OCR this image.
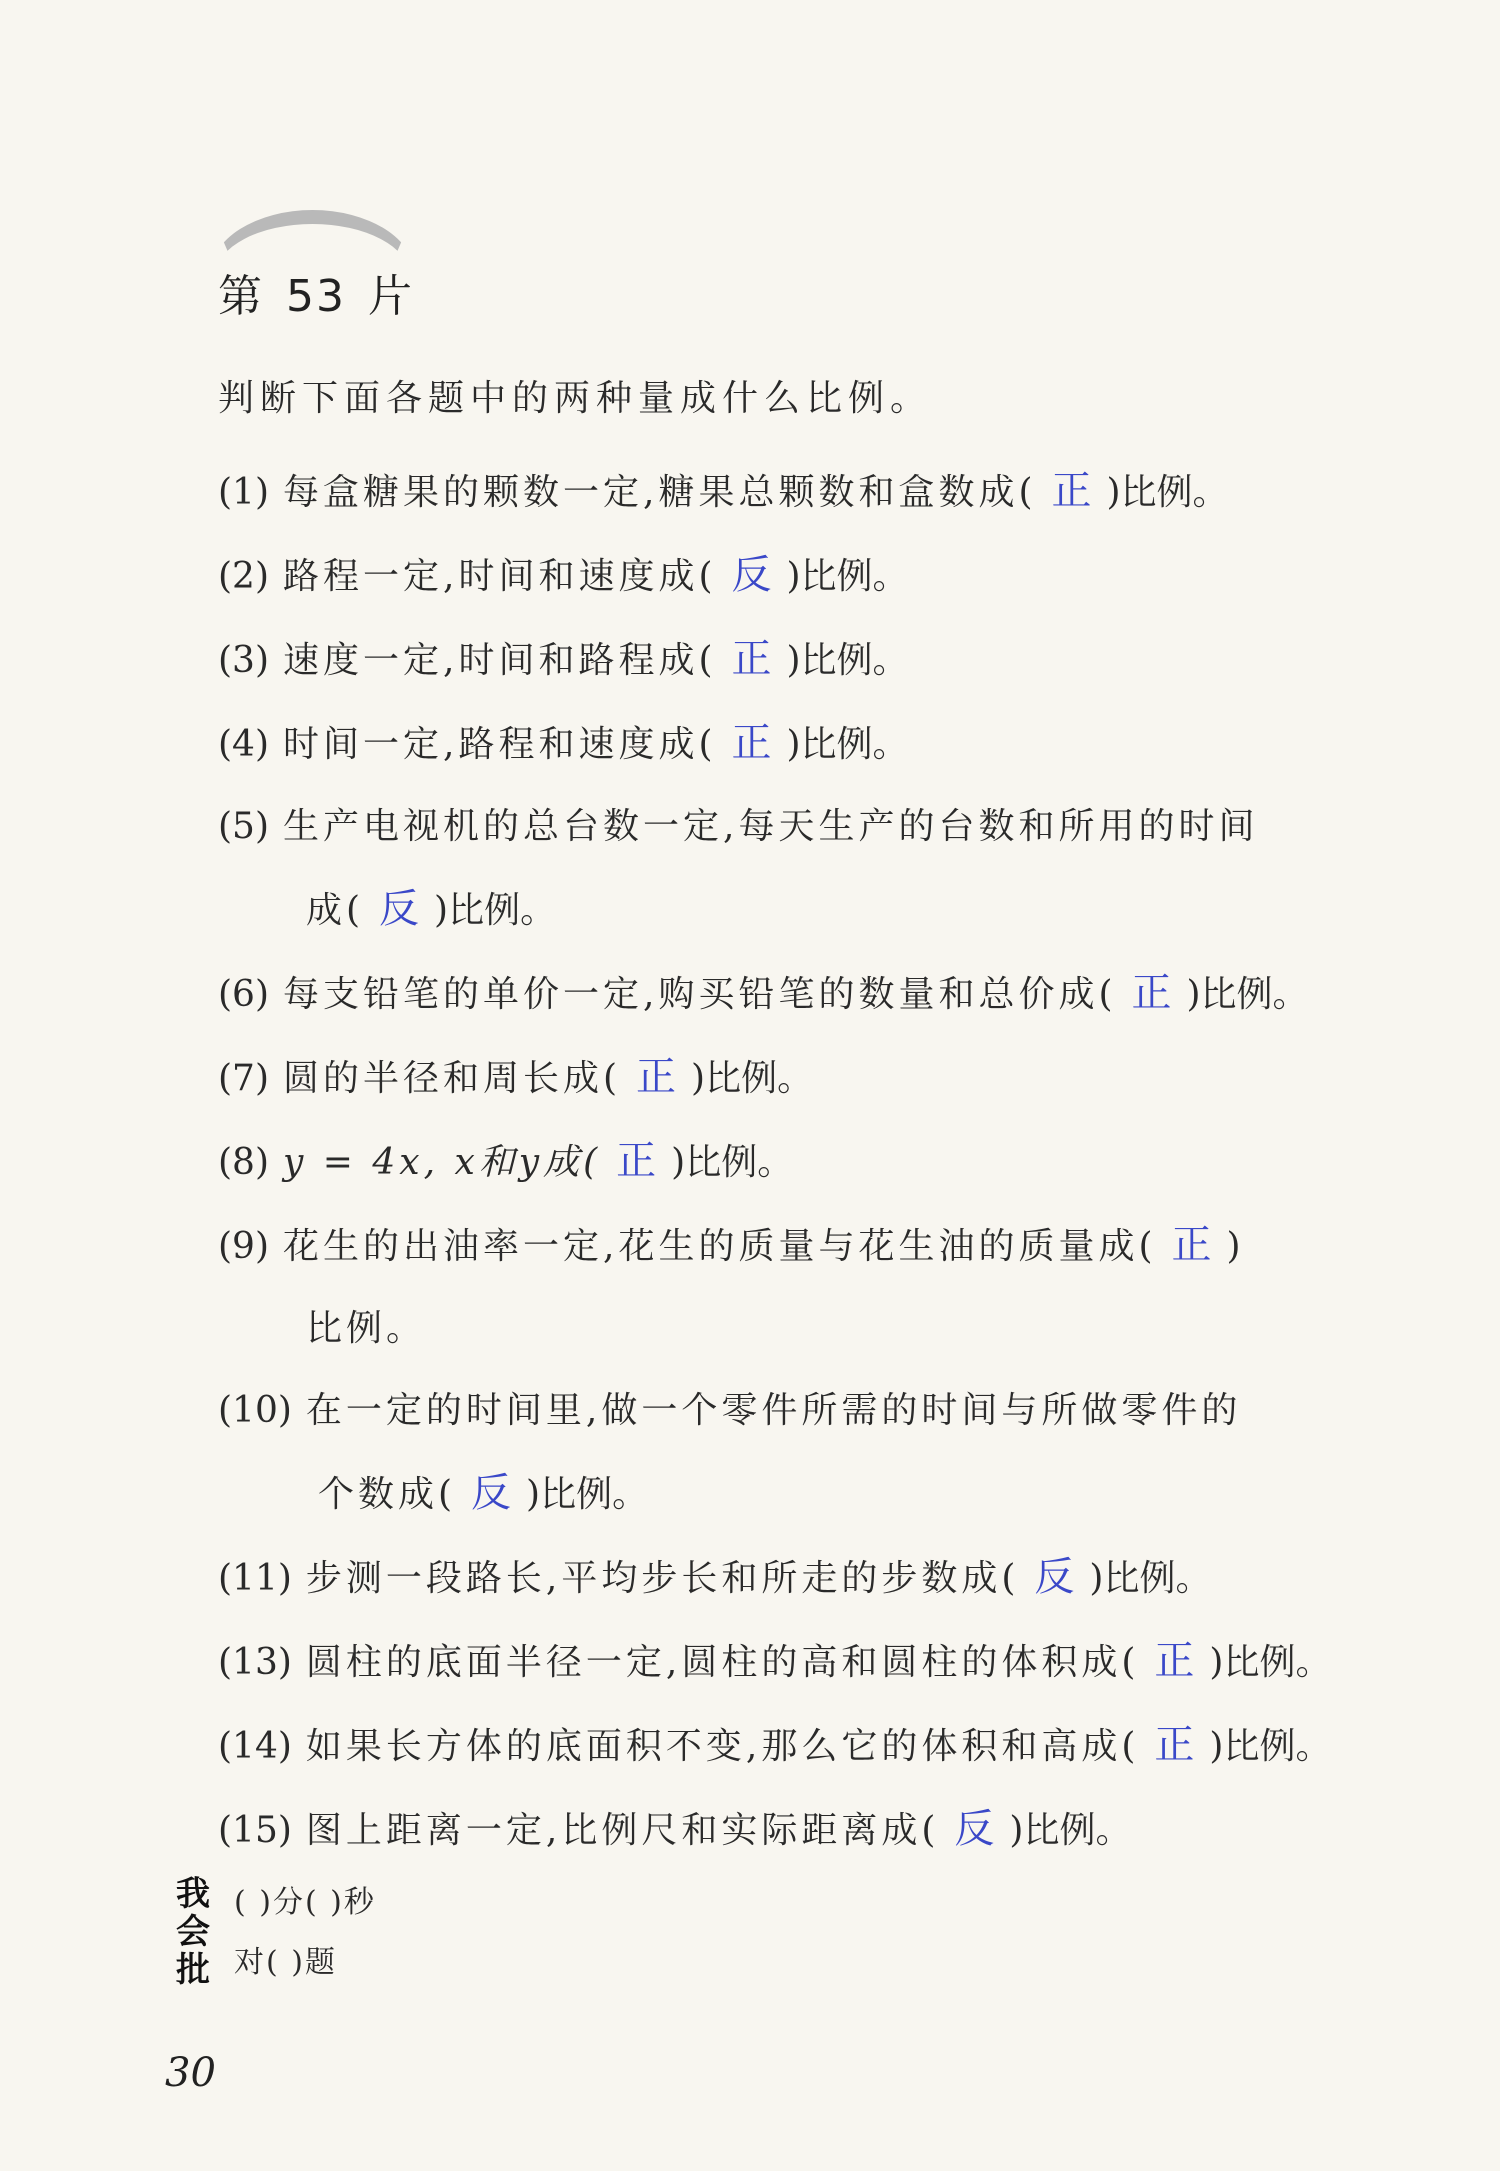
第 53 片
判断下面各题中的两种量成什么比例。
(1) 每盒糖果的颗数一定,糖果总颗数和盒数成( 正 )比例。
(2) 路程一定,时间和速度成( 反 )比例。
(3) 速度一定,时间和路程成( 正 )比例。
(4) 时间一定,路程和速度成( 正 )比例。
(5) 生产电视机的总台数一定,每天生产的台数和所用的时间
成( 反 )比例。
(6) 每支铅笔的单价一定,购买铅笔的数量和总价成( 正 )比例。
(7) 圆的半径和周长成( 正 )比例。
(8) y = 4x, x和y成( 正 )比例。
(9) 花生的出油率一定,花生的质量与花生油的质量成( 正 )
比例。
(10) 在一定的时间里,做一个零件所需的时间与所做零件的
个数成( 反 )比例。
(11) 步测一段路长,平均步长和所走的步数成( 反 )比例。
(13) 圆柱的底面半径一定,圆柱的高和圆柱的体积成( 正 )比例。
(14) 如果长方体的底面积不变,那么它的体积和高成( 正 )比例。
(15) 图上距离一定,比例尺和实际距离成( 反 )比例。
我
会
批
( )分( )秒
对( )题
30
